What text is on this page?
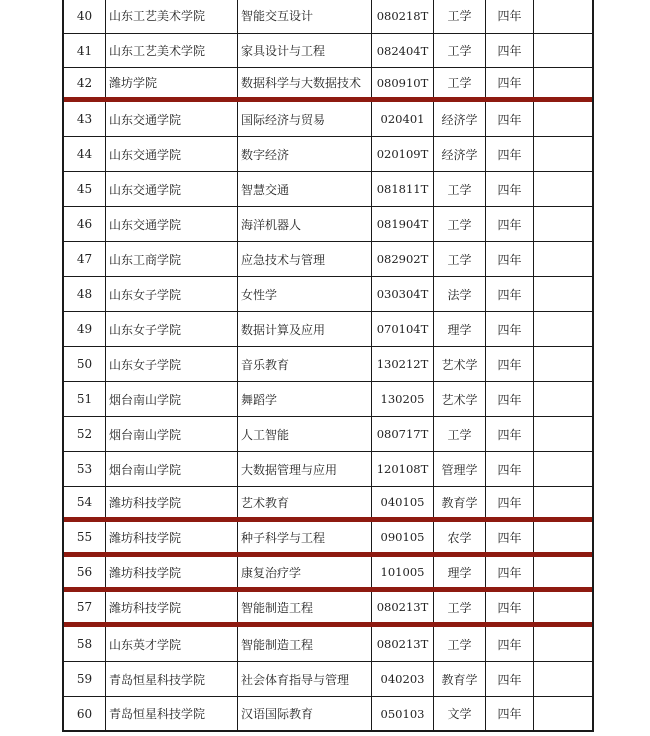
40	山东工艺美术学院	智能交互设计	080218T	工学	四年
41	山东工艺美术学院	家具设计与工程	082404T	工学	四年
42	潍坊学院	数据科学与大数据技术	080910T	工学	四年
43	山东交通学院	国际经济与贸易	020401	经济学	四年
44	山东交通学院	数字经济	020109T	经济学	四年
45	山东交通学院	智慧交通	081811T	工学	四年
46	山东交通学院	海洋机器人	081904T	工学	四年
47	山东工商学院	应急技术与管理	082902T	工学	四年
48	山东女子学院	女性学	030304T	法学	四年
49	山东女子学院	数据计算及应用	070104T	理学	四年
50	山东女子学院	音乐教育	130212T	艺术学	四年
51	烟台南山学院	舞蹈学	130205	艺术学	四年
52	烟台南山学院	人工智能	080717T	工学	四年
53	烟台南山学院	大数据管理与应用	120108T	管理学	四年
54	潍坊科技学院	艺术教育	040105	教育学	四年
55	潍坊科技学院	种子科学与工程	090105	农学	四年
56	潍坊科技学院	康复治疗学	101005	理学	四年
57	潍坊科技学院	智能制造工程	080213T	工学	四年
58	山东英才学院	智能制造工程	080213T	工学	四年
59	青岛恒星科技学院	社会体育指导与管理	040203	教育学	四年
60	青岛恒星科技学院	汉语国际教育	050103	文学	四年
